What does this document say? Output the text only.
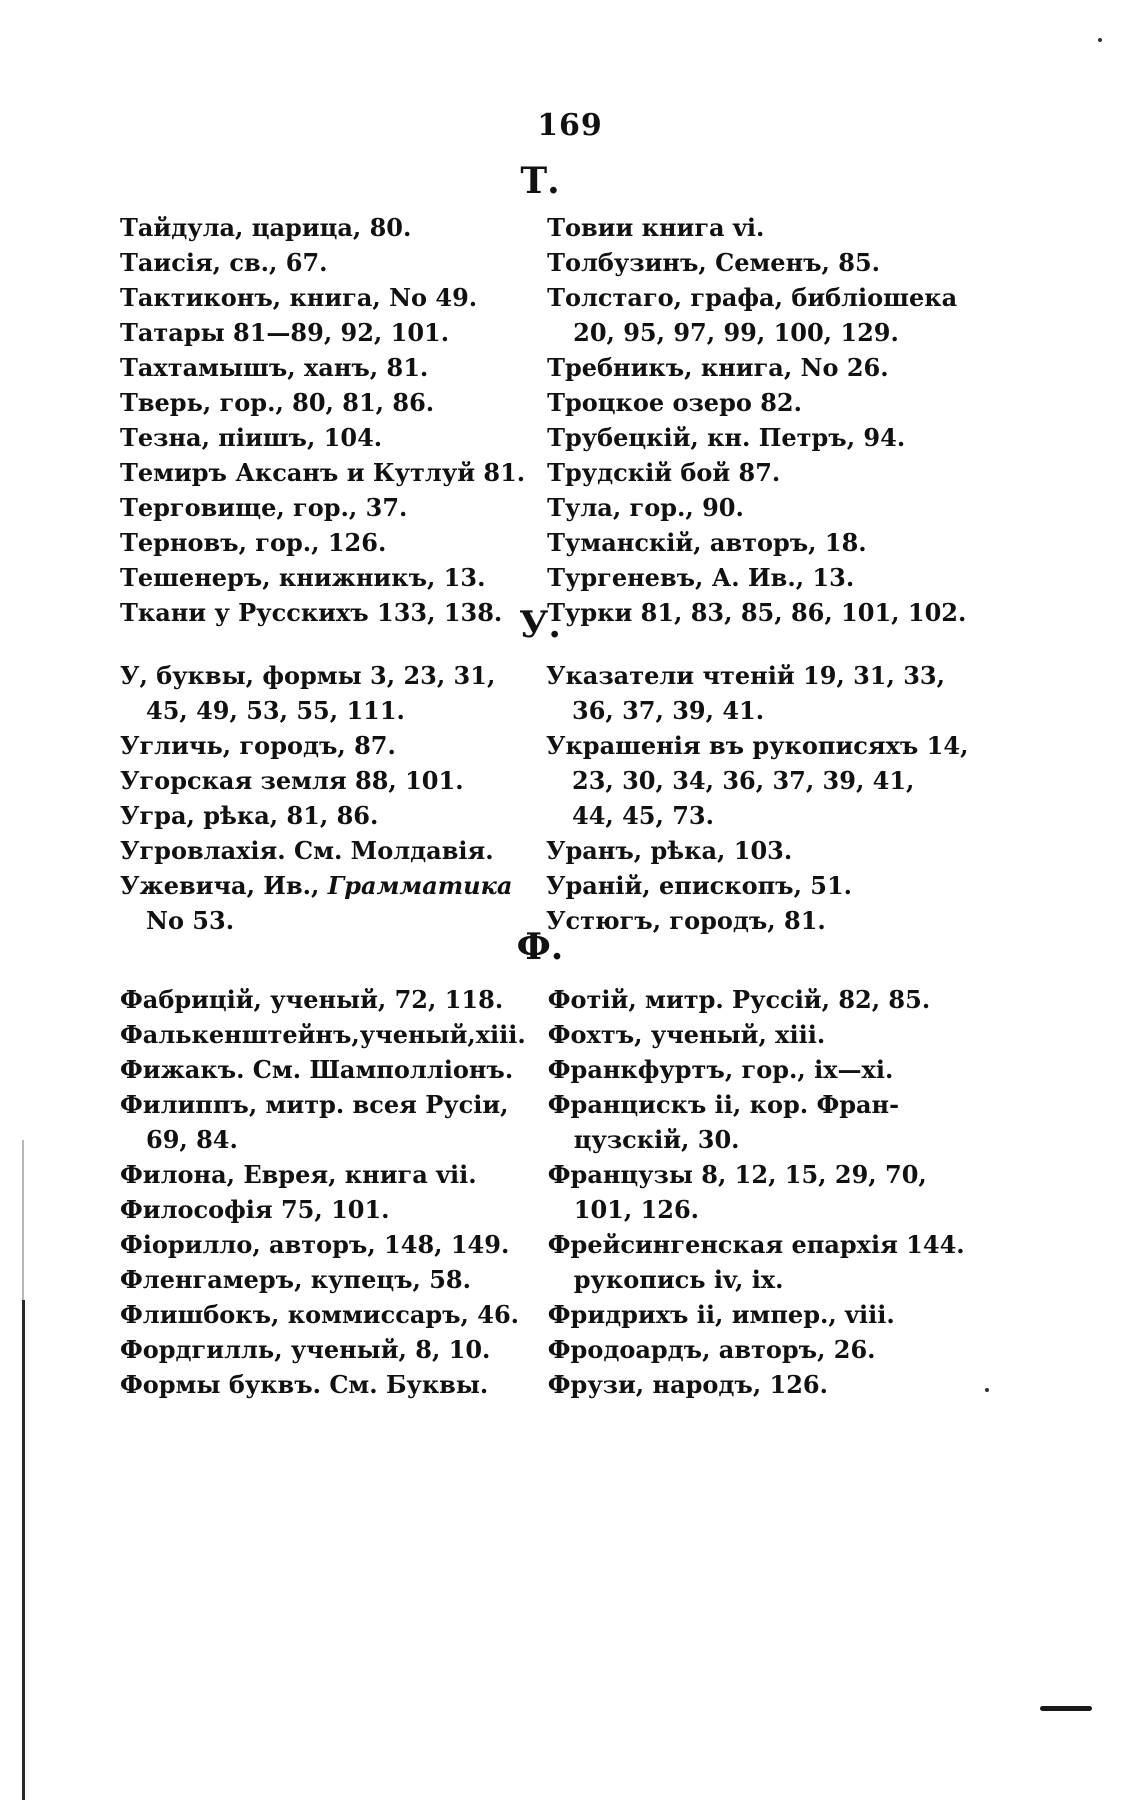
169
Т.
Тайдула, царица, 80.
Таисія, св., 67.
Тактиконъ, книга, No 49.
Татары 81—89, 92, 101.
Тахтамышъ, ханъ, 81.
Тверь, гор., 80, 81, 86.
Тезна, пiишъ, 104.
Темиръ Аксанъ и Кутлуй 81.
Терговище, гор., 37.
Терновъ, гор., 126.
Тешенеръ, книжникъ, 13.
Ткани у Русскихъ 133, 138.
Товии книга vi.
Толбузинъ, Семенъ, 85.
Толстаго, графа, библiошека
20, 95, 97, 99, 100, 129.
Требникъ, книга, No 26.
Троцкое озеро 82.
Трубецкiй, кн. Петръ, 94.
Трудскiй бой 87.
Тула, гор., 90.
Туманскiй, авторъ, 18.
Тургеневъ, А. Ив., 13.
Турки 81, 83, 85, 86, 101, 102.
У.
У, буквы, формы 3, 23, 31,
45, 49, 53, 55, 111.
Угличь, городъ, 87.
Угорская земля 88, 101.
Угра, рѣка, 81, 86.
Угровлахiя. См. Молдавiя.
Ужевича, Ив., Грамматика
No 53.
Указатели чтенiй 19, 31, 33,
36, 37, 39, 41.
Украшенiя въ рукописяхъ 14,
23, 30, 34, 36, 37, 39, 41,
44, 45, 73.
Уранъ, рѣка, 103.
Уранiй, епископъ, 51.
Устюгъ, городъ, 81.
Ф.
Фабрицiй, ученый, 72, 118.
Фалькенштейнъ,ученый,xiii.
Фижакъ. См. Шамполлiонъ.
Филиппъ, митр. всея Русiи,
69, 84.
Филона, Еврея, книга vii.
Философiя 75, 101.
Фiорилло, авторъ, 148, 149.
Фленгамеръ, купецъ, 58.
Флишбокъ, коммиссаръ, 46.
Фордгилль, ученый, 8, 10.
Формы буквъ. См. Буквы.
Фотiй, митр. Руссiй, 82, 85.
Фохтъ, ученый, xiii.
Франкфуртъ, гор., ix—xi.
Францискъ ii, кор. Фран-
цузскiй, 30.
Французы 8, 12, 15, 29, 70,
101, 126.
Фрейсингенская епархiя 144.
рукопись iv, ix.
Фридрихъ ii, импер., viii.
Фродоардъ, авторъ, 26.
Фрузи, народъ, 126.
